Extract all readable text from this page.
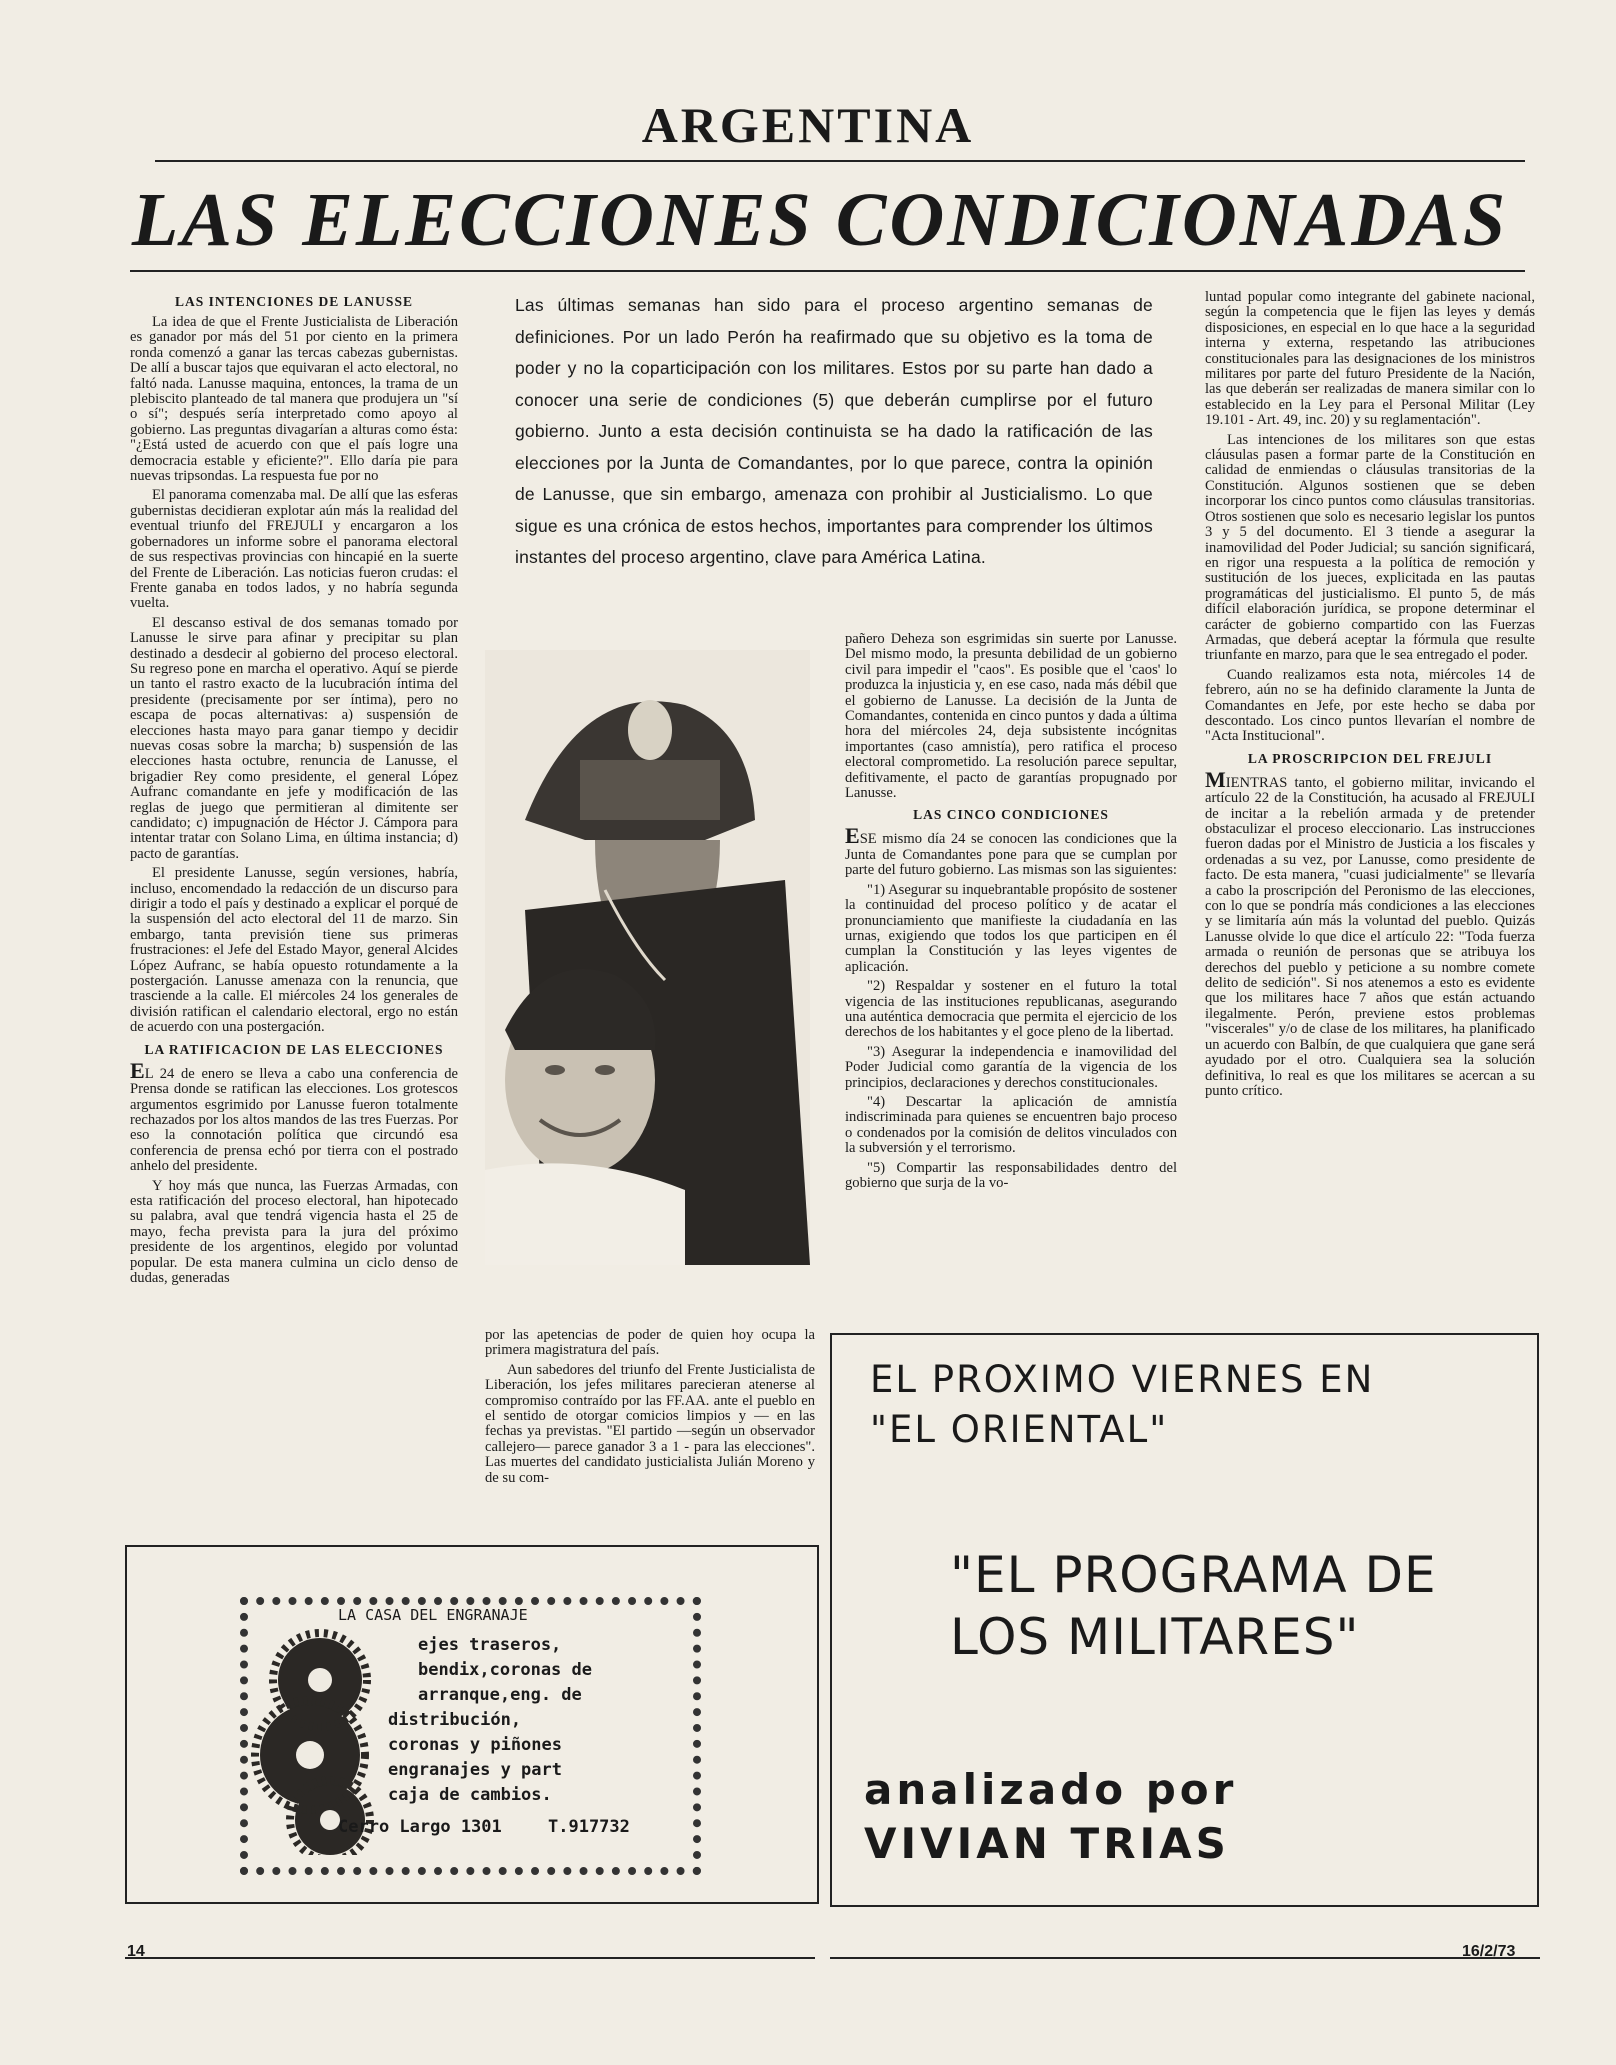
ARGENTINA
LAS ELECCIONES CONDICIONADAS
LAS INTENCIONES DE LANUSSE

La idea de que el Frente Justicialista de Liberación es ganador por más del 51 por ciento en la primera ronda comenzó a ganar las tercas cabezas gubernistas. De allí a buscar tajos que equivaran el acto electoral, no faltó nada. Lanusse maquina, entonces, la trama de un plebiscito planteado de tal manera que produjera un "sí o sí"; después sería interpretado como apoyo al gobierno. Las preguntas divagarían a alturas como ésta: "¿Está usted de acuerdo con que el país logre una democracia estable y eficiente?". Ello daría pie para nuevas tripsondas. La respuesta fue por no

El panorama comenzaba mal. De allí que las esferas gubernistas decidieran explotar aún más la realidad del eventual triunfo del FREJULI y encargaron a los gobernadores un informe sobre el panorama electoral de sus respectivas provincias con hincapié en la suerte del Frente de Liberación. Las noticias fueron crudas: el Frente ganaba en todos lados, y no habría segunda vuelta.

El descanso estival de dos semanas tomado por Lanusse le sirve para afinar y precipitar su plan destinado a desdecir al gobierno del proceso electoral. Su regreso pone en marcha el operativo. Aquí se pierde un tanto el rastro exacto de la lucubración íntima del presidente (precisamente por ser íntima), pero no escapa de pocas alternativas: a) suspensión de elecciones hasta mayo para ganar tiempo y decidir nuevas cosas sobre la marcha; b) suspensión de las elecciones hasta octubre, renuncia de Lanusse, el brigadier Rey como presidente, el general López Aufranc comandante en jefe y modificación de las reglas de juego que permitieran al dimitente ser candidato; c) impugnación de Héctor J. Cámpora para intentar tratar con Solano Lima, en última instancia; d) pacto de garantías.

El presidente Lanusse, según versiones, habría, incluso, encomendado la redacción de un discurso para dirigir a todo el país y destinado a explicar el porqué de la suspensión del acto electoral del 11 de marzo. Sin embargo, tanta previsión tiene sus primeras frustraciones: el Jefe del Estado Mayor, general Alcides López Aufranc, se había opuesto rotundamente a la postergación. Lanusse amenaza con la renuncia, que trasciende a la calle. El miércoles 24 los generales de división ratifican el calendario electoral, ergo no están de acuerdo con una postergación.

LA RATIFICACION DE LAS ELECCIONES

EL 24 de enero se lleva a cabo una conferencia de Prensa donde se ratifican las elecciones. Los grotescos argumentos esgrimido por Lanusse fueron totalmente rechazados por los altos mandos de las tres Fuerzas. Por eso la connotación política que circundó esa conferencia de prensa echó por tierra con el postrado anhelo del presidente.

Y hoy más que nunca, las Fuerzas Armadas, con esta ratificación del proceso electoral, han hipotecado su palabra, aval que tendrá vigencia hasta el 25 de mayo, fecha prevista para la jura del próximo presidente de los argentinos, elegido por voluntad popular. De esta manera culmina un ciclo denso de dudas, generadas

Las últimas semanas han sido para el proceso argentino semanas de definiciones. Por un lado Perón ha reafirmado que su objetivo es la toma de poder y no la coparticipación con los militares. Estos por su parte han dado a conocer una serie de condiciones (5) que deberán cumplirse por el futuro gobierno. Junto a esta decisión continuista se ha dado la ratificación de las elecciones por la Junta de Comandantes, por lo que parece, contra la opinión de Lanusse, que sin embargo, amenaza con prohibir al Justicialismo. Lo que sigue es una crónica de estos hechos, importantes para comprender los últimos instantes del proceso argentino, clave para América Latina.

por las apetencias de poder de quien hoy ocupa la primera magistratura del país.

Aun sabedores del triunfo del Frente Justicialista de Liberación, los jefes militares parecieran atenerse al compromiso contraído por las FF.AA. ante el pueblo en el sentido de otorgar comicios limpios y — en las fechas ya previstas. "El partido —según un observador callejero— parece ganador 3 a 1 - para las elecciones". Las muertes del candidato justicialista Julián Moreno y de su com-

pañero Deheza son esgrimidas sin suerte por Lanusse. Del mismo modo, la presunta debilidad de un gobierno civil para impedir el "caos". Es posible que el 'caos' lo produzca la injusticia y, en ese caso, nada más débil que el gobierno de Lanusse. La decisión de la Junta de Comandantes, contenida en cinco puntos y dada a última hora del miércoles 24, deja subsistente incógnitas importantes (caso amnistía), pero ratifica el proceso electoral comprometido. La resolución parece sepultar, defitivamente, el pacto de garantías propugnado por Lanusse.

LAS CINCO CONDICIONES

ESE mismo día 24 se conocen las condiciones que la Junta de Comandantes pone para que se cumplan por parte del futuro gobierno. Las mismas son las siguientes:

"1) Asegurar su inquebrantable propósito de sostener la continuidad del proceso político y de acatar el pronunciamiento que manifieste la ciudadanía en las urnas, exigiendo que todos los que participen en él cumplan la Constitución y las leyes vigentes de aplicación.

"2) Respaldar y sostener en el futuro la total vigencia de las instituciones republicanas, asegurando una auténtica democracia que permita el ejercicio de los derechos de los habitantes y el goce pleno de la libertad.

"3) Asegurar la independencia e inamovilidad del Poder Judicial como garantía de la vigencia de los principios, declaraciones y derechos constitucionales.

"4) Descartar la aplicación de amnistía indiscriminada para quienes se encuentren bajo proceso o condenados por la comisión de delitos vinculados con la subversión y el terrorismo.

"5) Compartir las responsabilidades dentro del gobierno que surja de la vo-

luntad popular como integrante del gabinete nacional, según la competencia que le fijen las leyes y demás disposiciones, en especial en lo que hace a la seguridad interna y externa, respetando las atribuciones constitucionales para las designaciones de los ministros militares por parte del futuro Presidente de la Nación, las que deberán ser realizadas de manera similar con lo establecido en la Ley para el Personal Militar (Ley 19.101 - Art. 49, inc. 20) y su reglamentación".

Las intenciones de los militares son que estas cláusulas pasen a formar parte de la Constitución en calidad de enmiendas o cláusulas transitorias de la Constitución. Algunos sostienen que se deben incorporar los cinco puntos como cláusulas transitorias. Otros sostienen que solo es necesario legislar los puntos 3 y 5 del documento. El 3 tiende a asegurar la inamovilidad del Poder Judicial; su sanción significará, en rigor una respuesta a la política de remoción y sustitución de los jueces, explicitada en las pautas programáticas del justicialismo. El punto 5, de más difícil elaboración jurídica, se propone determinar el carácter de gobierno compartido con las Fuerzas Armadas, que deberá aceptar la fórmula que resulte triunfante en marzo, para que le sea entregado el poder.

Cuando realizamos esta nota, miércoles 14 de febrero, aún no se ha definido claramente la Junta de Comandantes en Jefe, por este hecho se daba por descontado. Los cinco puntos llevarían el nombre de "Acta Institucional".

LA PROSCRIPCION DEL FREJULI

MIENTRAS tanto, el gobierno militar, invicando el artículo 22 de la Constitución, ha acusado al FREJULI de incitar a la rebelión armada y de pretender obstaculizar el proceso eleccionario. Las instrucciones fueron dadas por el Ministro de Justicia a los fiscales y ordenadas a su vez, por Lanusse, como presidente de facto. De esta manera, "cuasi judicialmente" se llevaría a cabo la proscripción del Peronismo de las elecciones, con lo que se pondría más condiciones a las elecciones y se limitaría aún más la voluntad del pueblo. Quizás Lanusse olvide lo que dice el artículo 22: "Toda fuerza armada o reunión de personas que se atribuya los derechos del pueblo y peticione a su nombre comete delito de sedición". Si nos atenemos a esto es evidente que los militares hace 7 años que están actuando ilegalmente. Perón, previene estos problemas "viscerales" y/o de clase de los militares, ha planificado un acuerdo con Balbín, de que cualquiera que gane será ayudado por el otro. Cualquiera sea la solución definitiva, lo real es que los militares se acercan a su punto crítico.

EL PROXIMO VIERNES EN
"EL ORIENTAL"
"EL PROGRAMA DE
LOS MILITARES"
analizado por
VIVIAN TRIAS
LA CASA DEL ENGRANAJE
ejes traseros,
bendix,coronas de
arranque,eng. de
distribución,
coronas y piñones
engranajes y part
caja de cambios.
Cerro Largo 1301	T.917732
14	16/2/73
